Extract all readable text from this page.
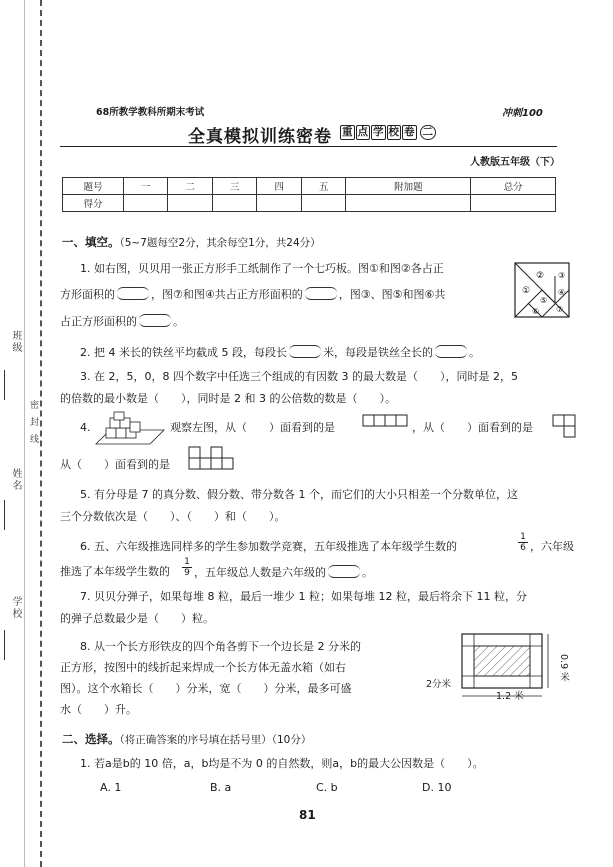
班级
姓名
密封线
学校
68所教学教科所期末考试	冲刺100
全真模拟训练密卷 重 点 学 校 卷 二
人教版五年级（下）
题号	一	二	三	四	五	附加题	总分
得分							
一、填空。（5~7题每空2分，其余每空1分，共24分）
1. 如右图，贝贝用一张正方形手工纸制作了一个七巧板。图①和图②各占正
方形面积的	，图⑦和图④共占正方形面积的	，图③、图⑤和图⑥共
占正方形面积的	。
①
② ③
④
⑤
⑥ ⑦
2. 把 4 米长的铁丝平均截成 5 段，每段长	米，每段是铁丝全长的	。
3. 在 2，5，0，8 四个数字中任选三个组成的有因数 3 的最大数是（　　），同时是 2，5
的倍数的最小数是（　　），同时是 2 和 3 的公倍数的数是（　　）。
4.	观察左图，从（　　）面看到的是	，从（　　）面看到的是
从（　　）面看到的是
5. 有分母是 7 的真分数、假分数、带分数各 1 个，而它们的大小只相差一个分数单位，这
三个分数依次是（　　）、（　　）和（　　）。
6. 五、六年级推选同样多的学生参加数学竞赛，五年级推选了本年级学生数的	$\frac{1}{6}$ ，六年级
推选了本年级学生数的 $\frac{1}{9}$ ，五年级总人数是六年级的	。
7. 贝贝分弹子，如果每堆 8 粒，最后一堆少 1 粒；如果每堆 12 粒，最后将余下 11 粒，分
的弹子总数最少是（　　）粒。
8. 从一个长方形铁皮的四个角各剪下一个边长是 2 分米的
正方形，按图中的线折起来焊成一个长方体无盖水箱（如右
图）。这个水箱长（　　）分米，宽（　　）分米，最多可盛
水（　　）升。
2分米
1.2 米
0.9 米
二、选择。（将正确答案的序号填在括号里）（10分）
1. 若a是b的 10 倍，a，b均是不为 0 的自然数，则a，b的最大公因数是（　　）。
A. 1	B. a	C. b	D. 10
81
